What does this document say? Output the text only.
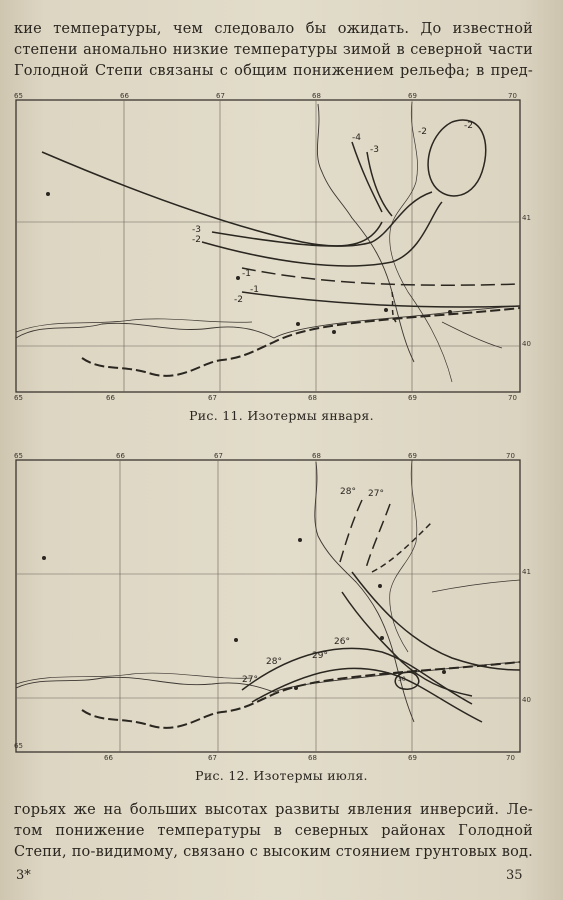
кие температуры, чем следовало бы ожидать. До известной
степени аномально низкие температуры зимой в северной части
Голодной Степи связаны с общим понижением рельефа; в пред-
65	66	67	68	69	70
65	66	67	68	69	70
41
40
-4
-3
-2
-2
-3
-2
-1
-1
-2
Рис. 11. Изотермы января.
65	66	67	68	69	70
65
66	67	68	69	70
41
40
28° 27°
26°
29°
28°
27°	30
Рис. 12. Изотермы июля.
горьях же на больших высотах развиты явления инверсий. Ле-
том понижение температуры в северных районах Голодной
Степи, по-видимому, связано с высоким стоянием грунтовых вод.
3*	35
